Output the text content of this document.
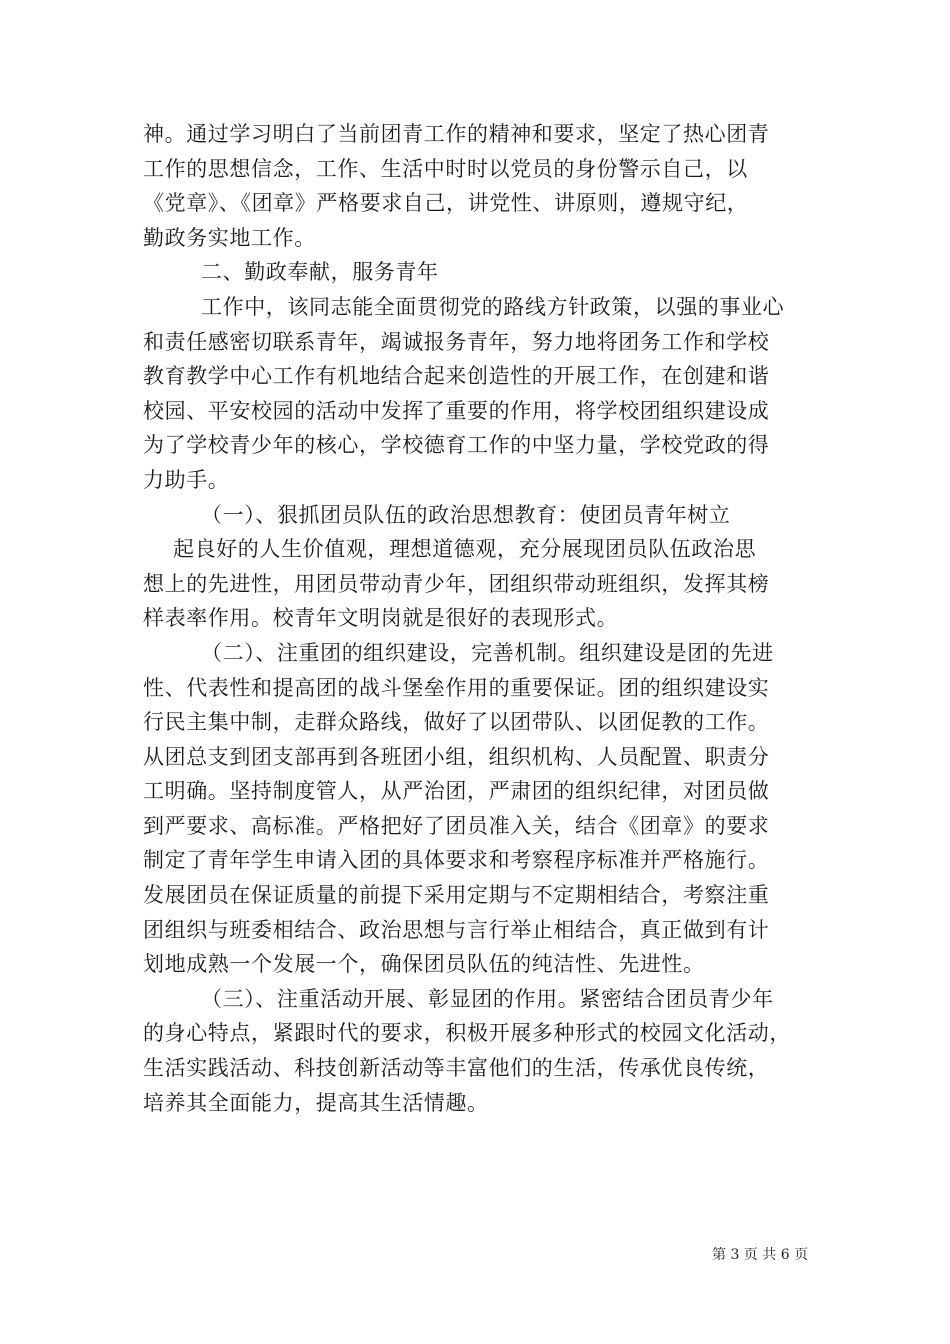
神。通过学习明白了当前团青工作的精神和要求，坚定了热心团青
工作的思想信念，工作、生活中时时以党员的身份警示自己，以
《党章》、《团章》严格要求自己，讲党性、讲原则，遵规守纪，
勤政务实地工作。
二、勤政奉献，服务青年
工作中，该同志能全面贯彻党的路线方针政策，以强的事业心
和责任感密切联系青年，竭诚报务青年，努力地将团务工作和学校
教育教学中心工作有机地结合起来创造性的开展工作，在创建和谐
校园、平安校园的活动中发挥了重要的作用，将学校团组织建设成
为了学校青少年的核心，学校德育工作的中坚力量，学校党政的得
力助手。
（一）、狠抓团员队伍的政治思想教育：使团员青年树立
起良好的人生价值观，理想道德观，充分展现团员队伍政治思
想上的先进性，用团员带动青少年，团组织带动班组织，发挥其榜
样表率作用。校青年文明岗就是很好的表现形式。
（二）、注重团的组织建设，完善机制。组织建设是团的先进
性、代表性和提高团的战斗堡垒作用的重要保证。团的组织建设实
行民主集中制，走群众路线，做好了以团带队、以团促教的工作。
从团总支到团支部再到各班团小组，组织机构、人员配置、职责分
工明确。坚持制度管人，从严治团，严肃团的组织纪律，对团员做
到严要求、高标准。严格把好了团员准入关，结合《团章》的要求
制定了青年学生申请入团的具体要求和考察程序标准并严格施行。
发展团员在保证质量的前提下采用定期与不定期相结合，考察注重
团组织与班委相结合、政治思想与言行举止相结合，真正做到有计
划地成熟一个发展一个，确保团员队伍的纯洁性、先进性。
（三）、注重活动开展、彰显团的作用。紧密结合团员青少年
的身心特点，紧跟时代的要求，积极开展多种形式的校园文化活动，
生活实践活动、科技创新活动等丰富他们的生活，传承优良传统，
培养其全面能力，提高其生活情趣。
第 3 页 共 6 页
